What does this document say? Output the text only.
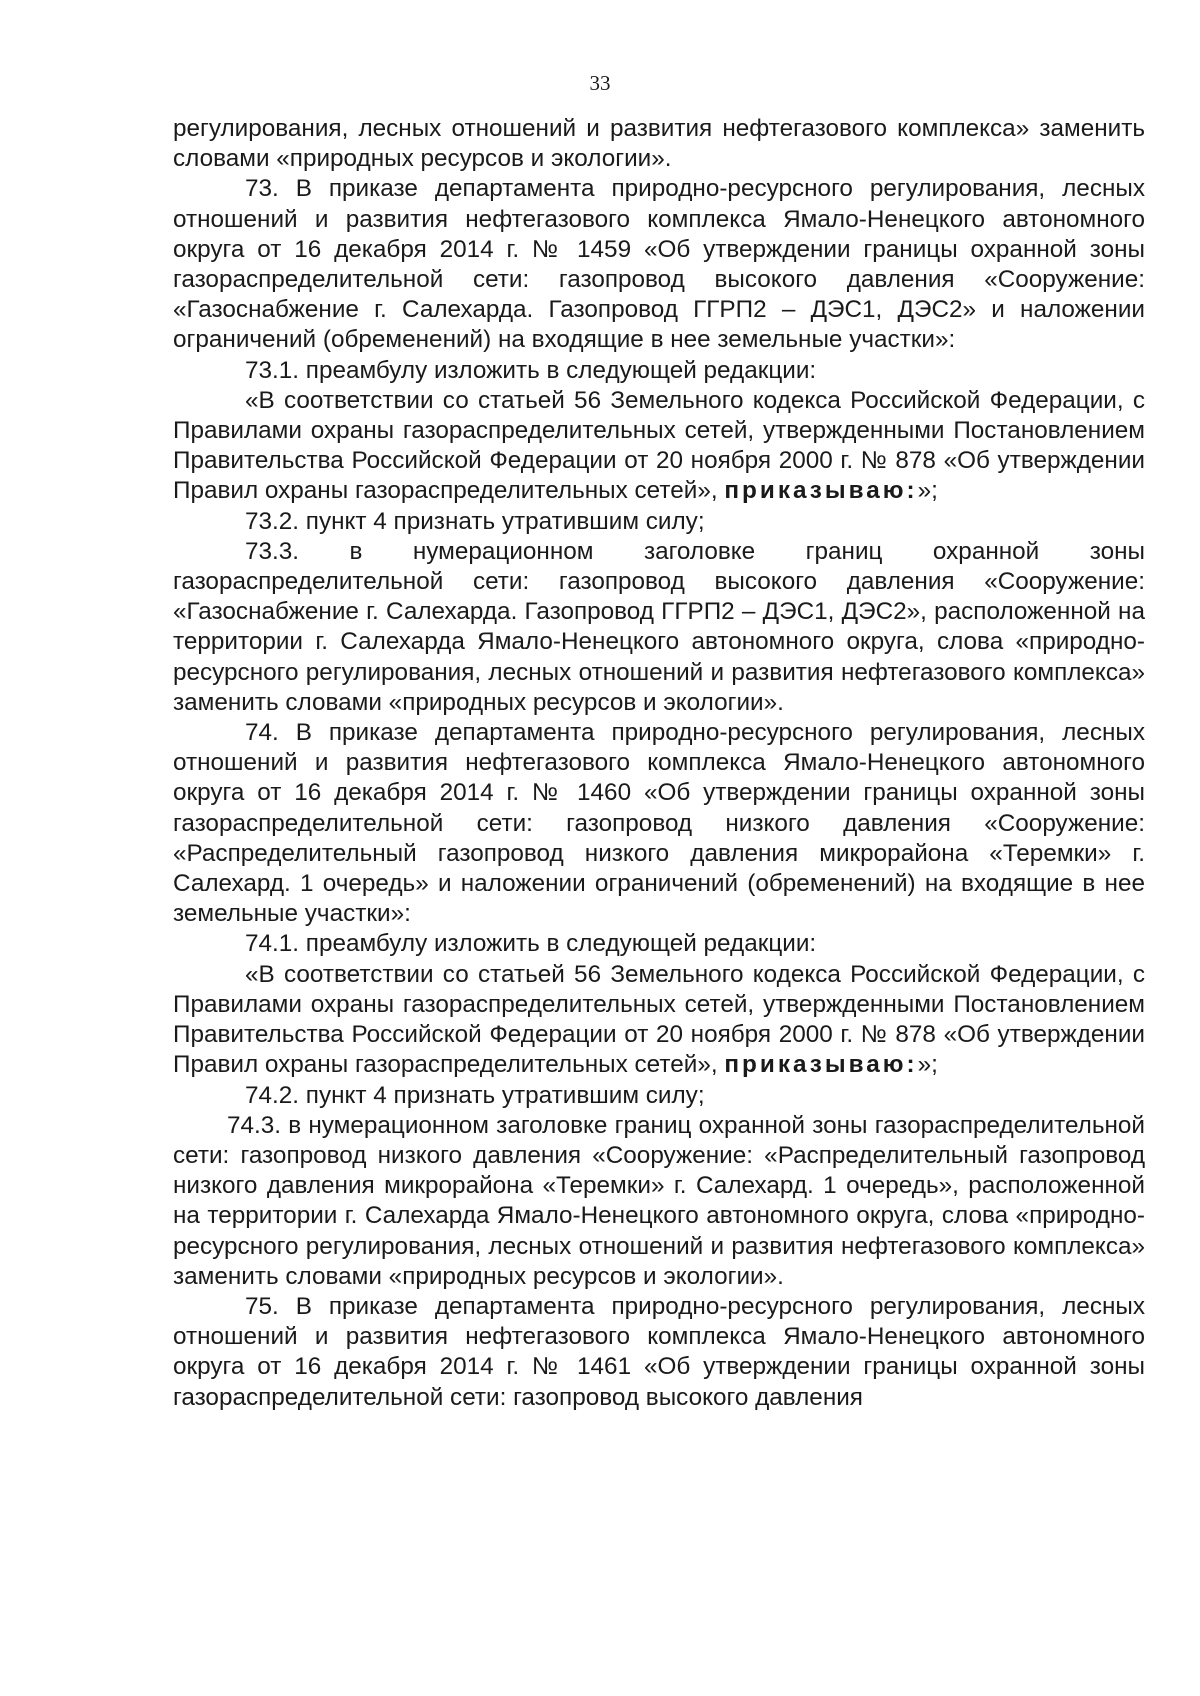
33

регулирования, лесных отношений и развития нефтегазового комплекса» заменить словами «природных ресурсов и экологии».

73. В приказе департамента природно-ресурсного регулирования, лесных отношений и развития нефтегазового комплекса Ямало-Ненецкого автономного округа от 16 декабря 2014 г. № 1459 «Об утверждении границы охранной зоны газораспределительной сети: газопровод высокого давления «Сооружение: «Газоснабжение г. Салехарда. Газопровод ГГРП2 – ДЭС1, ДЭС2» и наложении ограничений (обременений) на входящие в нее земельные участки»:

73.1. преамбулу изложить в следующей редакции:

«В соответствии со статьей 56 Земельного кодекса Российской Федерации, с Правилами охраны газораспределительных сетей, утвержденными Постановлением Правительства Российской Федерации от 20 ноября 2000 г. № 878 «Об утверждении Правил охраны газораспределительных сетей», приказываю:»;

73.2. пункт 4 признать утратившим силу;

73.3. в нумерационном заголовке границ охранной зоны газораспределительной сети: газопровод высокого давления «Сооружение: «Газоснабжение г. Салехарда. Газопровод ГГРП2 – ДЭС1, ДЭС2», расположенной на территории г. Салехарда Ямало-Ненецкого автономного округа, слова «природно-ресурсного регулирования, лесных отношений и развития нефтегазового комплекса» заменить словами «природных ресурсов и экологии».

74. В приказе департамента природно-ресурсного регулирования, лесных отношений и развития нефтегазового комплекса Ямало-Ненецкого автономного округа от 16 декабря 2014 г. № 1460 «Об утверждении границы охранной зоны газораспределительной сети: газопровод низкого давления «Сооружение: «Распределительный газопровод низкого давления микрорайона «Теремки» г. Салехард. 1 очередь» и наложении ограничений (обременений) на входящие в нее земельные участки»:

74.1. преамбулу изложить в следующей редакции:

«В соответствии со статьей 56 Земельного кодекса Российской Федерации, с Правилами охраны газораспределительных сетей, утвержденными Постановлением Правительства Российской Федерации от 20 ноября 2000 г. № 878 «Об утверждении Правил охраны газораспределительных сетей», приказываю:»;

74.2. пункт 4 признать утратившим силу;

74.3. в нумерационном заголовке границ охранной зоны газораспределительной сети: газопровод низкого давления «Сооружение: «Распределительный газопровод низкого давления микрорайона «Теремки» г. Салехард. 1 очередь», расположенной на территории г. Салехарда Ямало-Ненецкого автономного округа, слова «природно-ресурсного регулирования, лесных отношений и развития нефтегазового комплекса» заменить словами «природных ресурсов и экологии».

75. В приказе департамента природно-ресурсного регулирования, лесных отношений и развития нефтегазового комплекса Ямало-Ненецкого автономного округа от 16 декабря 2014 г. № 1461 «Об утверждении границы охранной зоны газораспределительной сети: газопровод высокого давления
